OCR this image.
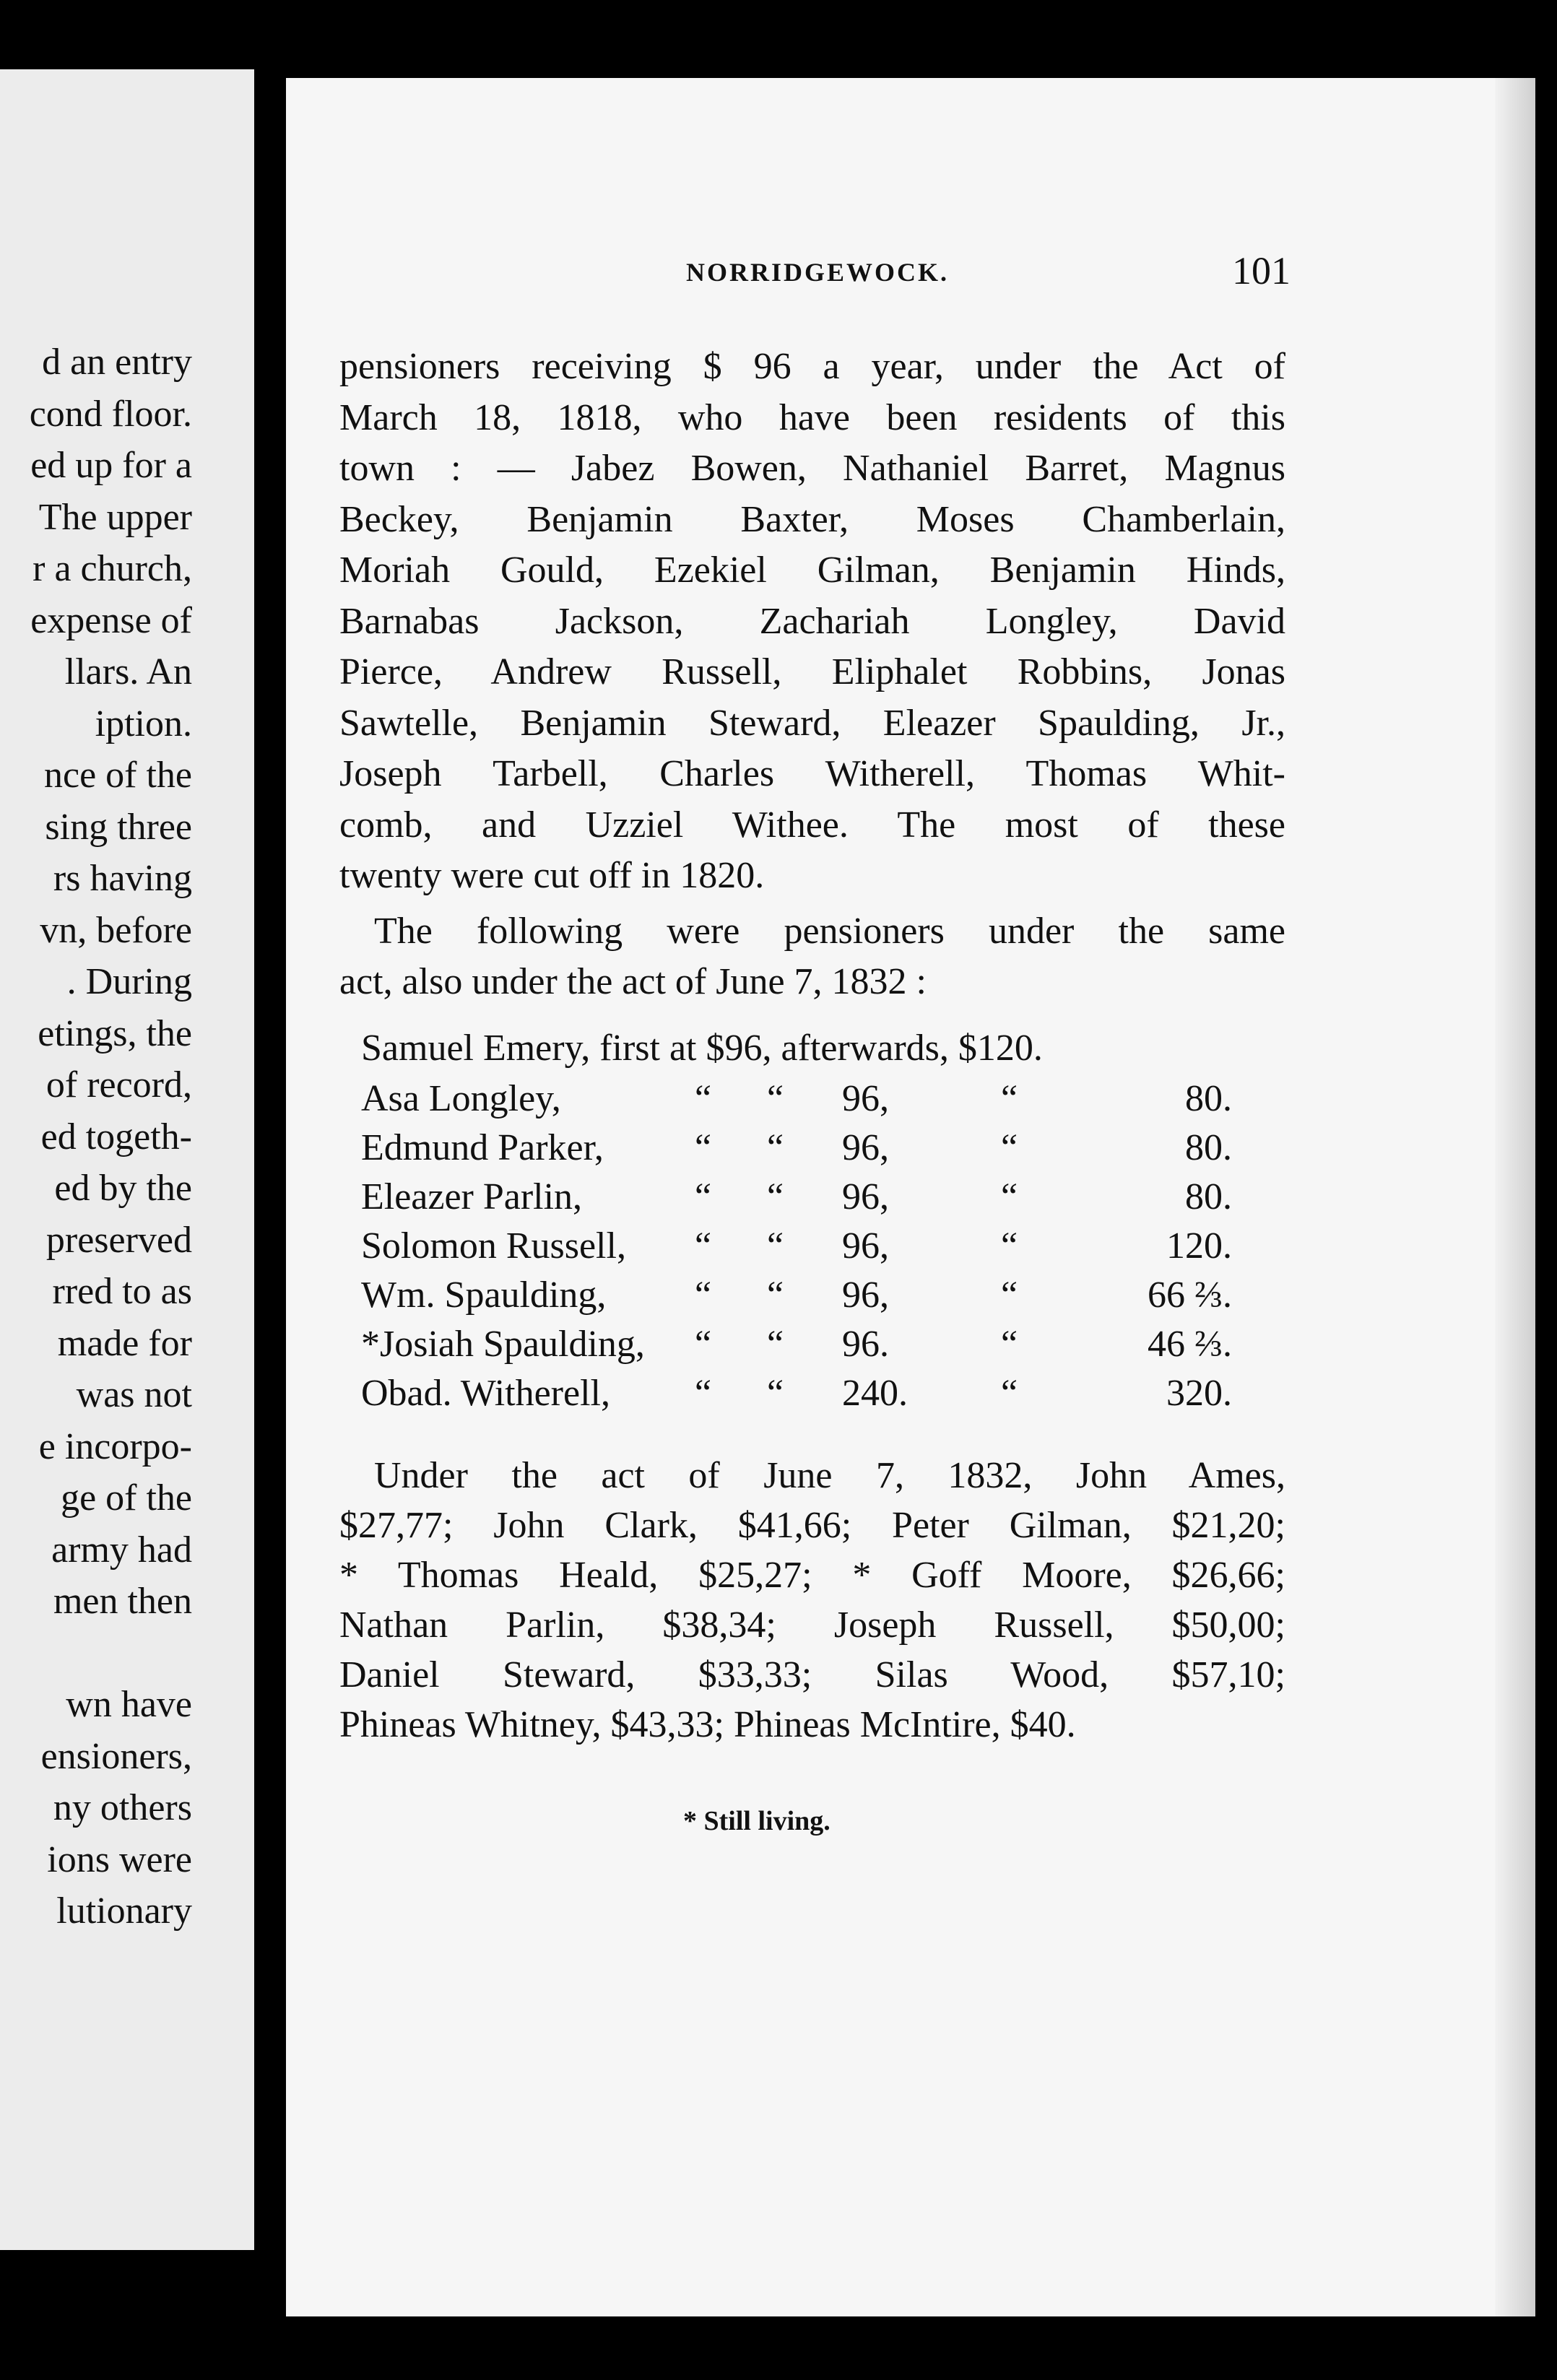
d an entry
cond floor.
ed up for a
The upper
r a church,
expense of
llars. An
iption.
nce of the
sing three
rs having
vn, before
. During
etings, the
of record,
ed togeth-
ed by the
preserved
rred to as
made for
was not
e incorpo-
ge of the
army had
men then
wn have
ensioners,
ny others
ions were
lutionary
NORRIDGEWOCK.	101
pensioners receiving $ 96 a year, under the Act of
March 18, 1818, who have been residents of this
town : — Jabez Bowen, Nathaniel Barret, Magnus
Beckey, Benjamin Baxter, Moses Chamberlain,
Moriah Gould, Ezekiel Gilman, Benjamin Hinds,
Barnabas Jackson, Zachariah Longley, David
Pierce, Andrew Russell, Eliphalet Robbins, Jonas
Sawtelle, Benjamin Steward, Eleazer Spaulding, Jr.,
Joseph Tarbell, Charles Witherell, Thomas Whit-
comb, and Uzziel Withee. The most of these
twenty were cut off in 1820.
The following were pensioners under the same
act, also under the act of June 7, 1832 :
Samuel Emery, first at $96, afterwards, $120.
Asa Longley,	“ “ 96,	“	80.
Edmund Parker, “ “ 96,	“	80.
Eleazer Parlin,	“ “ 96,	“	80.
Solomon Russell, “ “ 96,	“	120.
Wm. Spaulding, “ “ 96,	“	66 ⅔.
*Josiah Spaulding, “ “ 96.	“	46 ⅔.
Obad. Witherell, “ “ 240. “	320.
Under the act of June 7, 1832, John Ames,
$27,77; John Clark, $41,66; Peter Gilman, $21,20;
* Thomas Heald, $25,27; * Goff Moore, $26,66;
Nathan Parlin, $38,34; Joseph Russell, $50,00;
Daniel Steward, $33,33; Silas Wood, $57,10;
Phineas Whitney, $43,33; Phineas McIntire, $40.
* Still living.
